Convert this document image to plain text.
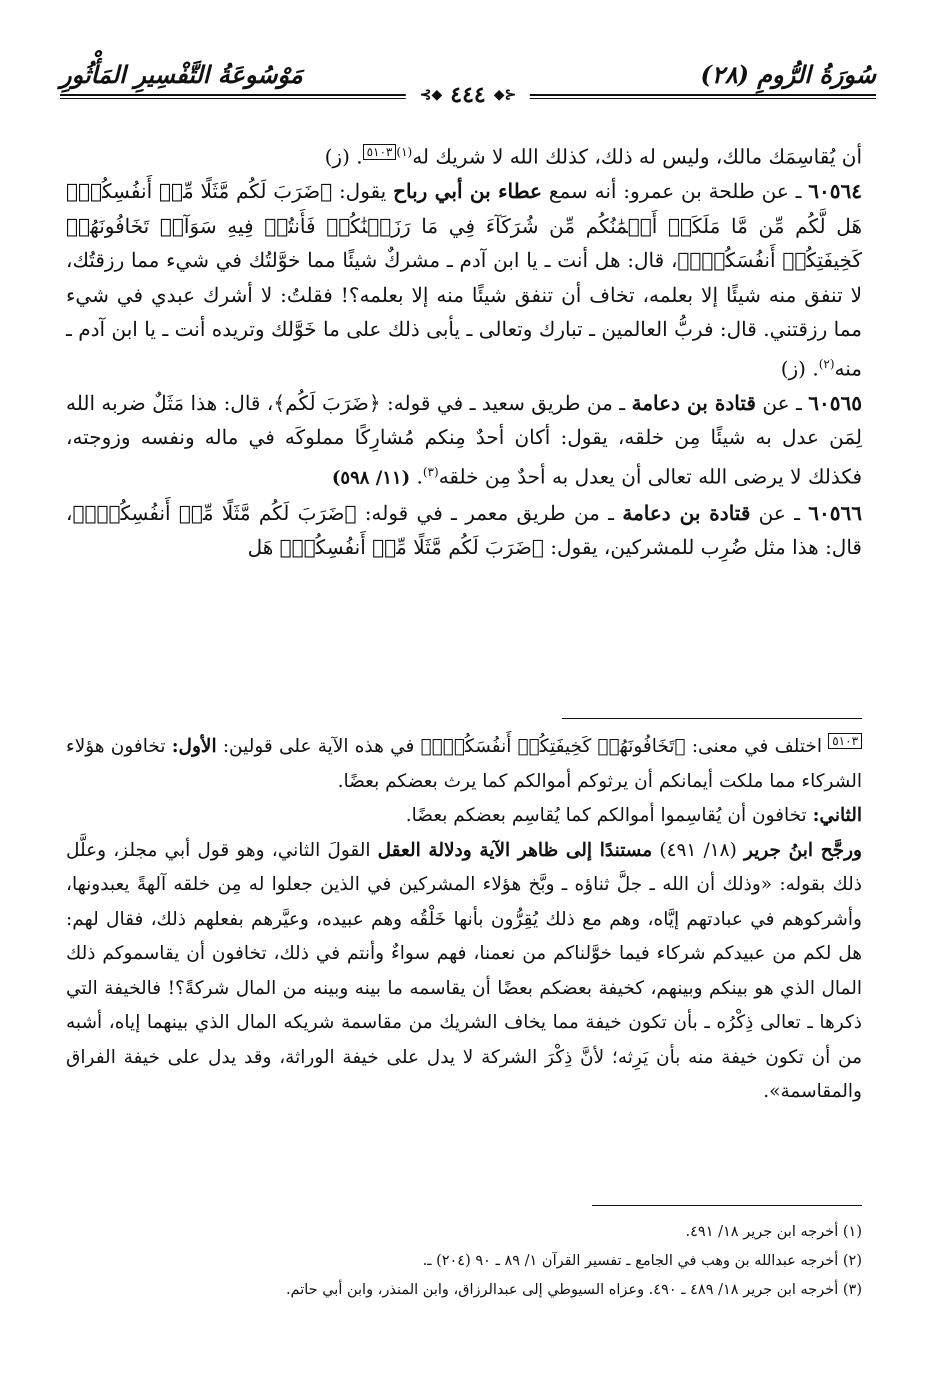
سُورَةُ الرُّومِ (٢٨)
مَوْسُوعَةُ التَّفْسِيرِ المَأْثُورِ
⊰◆
٤٤٤
◆⊱

أن يُقاسِمَك مالك، وليس له ذلك، كذلك الله لا شريك له$^{(١)}$٥١٠٣. (ز)

٦٠٥٦٤ ـ عن طلحة بن عمرو: أنه سمع عطاء بن أبي رباح يقول: ﴿ضَرَبَ لَكُم مَّثَلًا مِّنۡ أَنفُسِكُمۡۖ هَل لَّكُم مِّن مَّا مَلَكَتۡ أَيۡمَٰنُكُم مِّن شُرَكَآءَ فِي مَا رَزَقۡنَٰكُمۡ فَأَنتُمۡ فِيهِ سَوَآءٞ تَخَافُونَهُمۡ كَخِيفَتِكُمۡ أَنفُسَكُمۡۚ﴾، قال: هل أنت ـ يا ابن آدم ـ مشركٌ شيئًا مما خوَّلتُك في شيء مما رزقتُك، لا تنفق منه شيئًا إلا بعلمه، تخاف أن تنفق شيئًا منه إلا بعلمه؟! فقلتُ: لا أشرك عبدي في شيء مما رزقتني. قال: فربُّ العالمين ـ تبارك وتعالى ـ يأبى ذلك على ما خَوَّلك وتريده أنت ـ يا ابن آدم ـ منه$^{(٢)}$. (ز)

٦٠٥٦٥ ـ عن قتادة بن دعامة ـ من طريق سعيد ـ في قوله: ﴿ضَرَبَ لَكُم﴾، قال: هذا مَثَلٌ ضربه الله لِمَن عدل به شيئًا مِن خلقه، يقول: أكان أحدٌ مِنكم مُشارِكًا مملوكَه في ماله ونفسه وزوجته، فكذلك لا يرضى الله تعالى أن يعدل به أحدٌ مِن خلقه$^{(٣)}$. (١١/ ٥٩٨)

٦٠٥٦٦ ـ عن قتادة بن دعامة ـ من طريق معمر ـ في قوله: ﴿ضَرَبَ لَكُم مَّثَلًا مِّنۡ أَنفُسِكُمۡۖ﴾، قال: هذا مثل ضُرِب للمشركين، يقول: ﴿ضَرَبَ لَكُم مَّثَلًا مِّنۡ أَنفُسِكُمۡۖ هَل

٥١٠٣ اختلف في معنى: ﴿تَخَافُونَهُمۡ كَخِيفَتِكُمۡ أَنفُسَكُمۡۚ﴾ في هذه الآية على قولين: الأول: تخافون هؤلاء الشركاء مما ملكت أيمانكم أن يرثوكم أموالكم كما يرث بعضكم بعضًا.

الثاني: تخافون أن يُقاسِموا أموالكم كما يُقاسِم بعضكم بعضًا.

ورجَّح ابنُ جرير (١٨/ ٤٩١) مستندًا إلى ظاهر الآية ودلالة العقل القولَ الثاني، وهو قول أبي مجلز، وعلَّل ذلك بقوله: «وذلك أن الله ـ جلَّ ثناؤه ـ وبَّخ هؤلاء المشركين في الذين جعلوا له مِن خلقه آلهةً يعبدونها، وأشركوهم في عبادتهم إيَّاه، وهم مع ذلك يُقِرُّون بأنها خَلْقُه وهم عبيده، وعيَّرهم بفعلهم ذلك، فقال لهم: هل لكم من عبيدكم شركاء فيما خوَّلناكم من نعمنا، فهم سواءٌ وأنتم في ذلك، تخافون أن يقاسموكم ذلك المال الذي هو بينكم وبينهم، كخيفة بعضكم بعضًا أن يقاسمه ما بينه وبينه من المال شركةً؟! فالخيفة التي ذكرها ـ تعالى ذِكْرُه ـ بأن تكون خيفة مما يخاف الشريك من مقاسمة شريكه المال الذي بينهما إياه، أشبه من أن تكون خيفة منه بأن يَرِثه؛ لأنَّ ذِكْرَ الشركة لا يدل على خيفة الوراثة، وقد يدل على خيفة الفراق والمقاسمة».

(١) أخرجه ابن جرير ١٨/ ٤٩١.

(٢) أخرجه عبدالله بن وهب في الجامع ـ تفسير القرآن ١/ ٨٩ ـ ٩٠ (٢٠٤) ـ.

(٣) أخرجه ابن جرير ١٨/ ٤٨٩ ـ ٤٩٠. وعزاه السيوطي إلى عبدالرزاق، وابن المنذر، وابن أبي حاتم.
